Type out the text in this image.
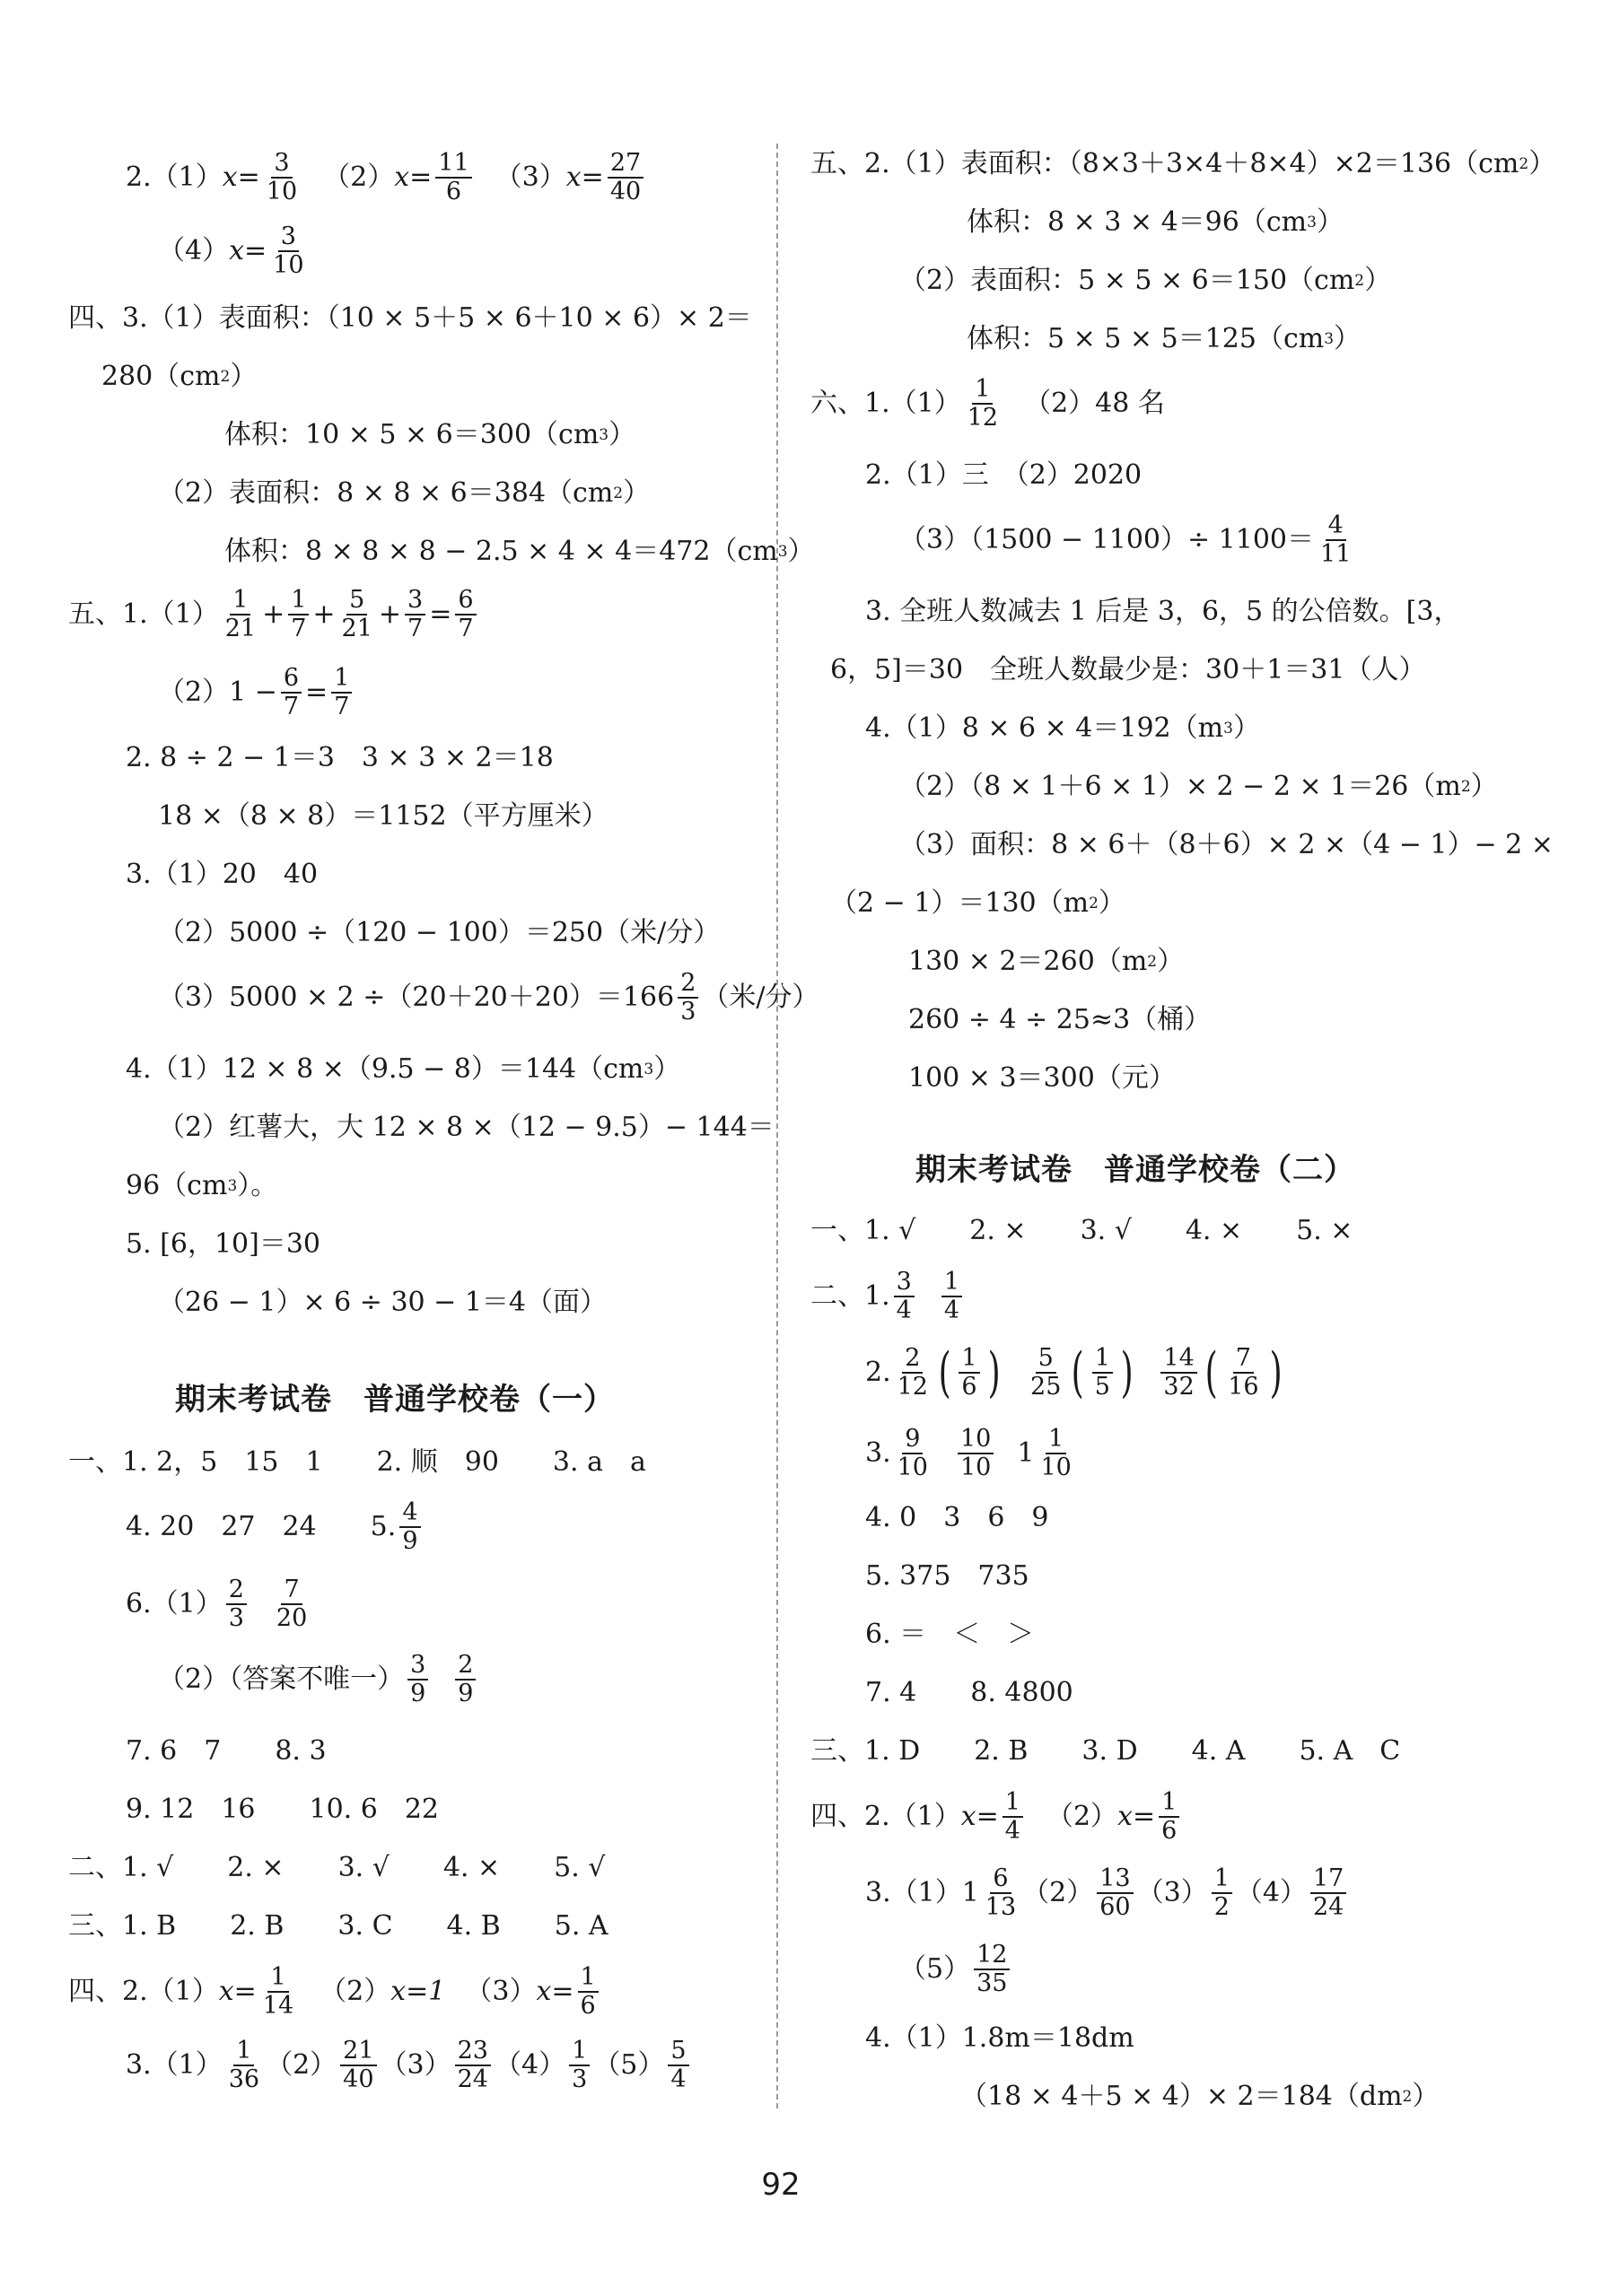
2.（1） $x= \frac{3}{10} (2)$ $x= \frac{11}{6} (3)$ $x= \frac{27}{40}$
（4） $x= \frac{3}{10}$
四、3.（1）表面积：（10 × 5＋5 × 6＋10 × 6）× 2＝
280（cm 2 ）
体积：10 × 5 × 6＝300（cm 3 ）
（2）表面积：8 × 8 × 6＝384（cm 2 ）
体积：8 × 8 × 8 − 2.5 × 4 × 4＝472（cm 3 ）
五、$1.(1) \frac{1}{21} + \frac{1}{7} + \frac{5}{21} + \frac{3}{7} = \frac{6}{7}$
$(2)1 - \frac{6}{7} = \frac{1}{7}$
2. 8 ÷ 2 − 1＝3　3 × 3 × 2＝18
18 ×（8 × 8）＝1152（平方厘米）
3.（1）20　40
（2）5000 ÷（120 − 100）＝250（米/分）
$(3)5000 \times 2 \div(20+20+20)=166 \frac{2}{3}$ （米/分）
4.（1）12 × 8 ×（9.5 − 8）＝144（cm 3 ）
（2）红薯大，大 12 × 8 ×（12 − 9.5）− 144＝
96（cm 3 ）。
5. [6，10]＝30
（26 − 1）× 6 ÷ 30 − 1＝4（面）
期末考试卷　普通学校卷（一）
一、1. 2，5　15　1　　2. 顺　90　　3. a　a
4. 20　27　24　　5. $\frac{4}{9}$
$6.(1) \frac{2}{3} \frac{7}{20}$
（2）（答案不唯一） $\frac{3}{9} \frac{2}{9}$
7. 6　7　　8. 3
9. 12　16　　10. 6　22
二、1. √　　2. ×　　3. √　　4. ×　　5. √
三、1. B　　2. B　　3. C　　4. B　　5. A
四、2.（1） $x= \frac{1}{14} (2)$ x=1 （3） $x= \frac{1}{6}$
$3.(1) \frac{1}{36} (2) \frac{21}{40} (3) \frac{23}{24} (4) \frac{1}{3} (5) \frac{5}{4}$
五、2.（1）表面积：（8×3＋3×4＋8×4）×2＝136（cm 2 ）
体积：8 × 3 × 4＝96（cm 3 ）
（2）表面积：5 × 5 × 6＝150（cm 2 ）
体积：5 × 5 × 5＝125（cm 3 ）
六、$1.(1) \frac{1}{12} (2)48$ 名
2.（1）三　（2）2020
$(3)(1500 - 1100)\div 1100= \frac{4}{11}$
3. 全班人数减去 1 后是 3，6，5 的公倍数。[3，
6，5]＝30　全班人数最少是：30＋1＝31（人）
4.（1）8 × 6 × 4＝192（m 3 ）
（2）（8 × 1＋6 × 1）× 2 − 2 × 1＝26（m 2 ）
（3）面积：8 × 6＋（8＋6）× 2 ×（4 − 1）− 2 ×
（2 − 1）＝130（m 2 ）
130 × 2＝260（m 2 ）
260 ÷ 4 ÷ 25≈3（桶）
100 × 3＝300（元）
期末考试卷　普通学校卷（二）
一、1. √　　2. ×　　3. √　　4. ×　　5. ×
二、1. $\frac{3}{4} \frac{1}{4}$
2. $\frac{2}{12}$ ( $\frac{1}{6}$ ) $\frac{5}{25}$ ( $\frac{1}{5}$ ) $\frac{14}{32}$ ( $\frac{7}{16}$ )
3. $\frac{9}{10} \frac{10}{10} 1 \frac{1}{10}$
4. 0　3　6　9
5. 375　735
6. ＝　＜　＞
7. 4　　8. 4800
三、1. D　　2. B　　3. D　　4. A　　5. A　C
四、2.（1） $x= \frac{1}{4} (2)$ $x= \frac{1}{6}$
$3.(1)1 \frac{6}{13} (2) \frac{13}{60} (3) \frac{1}{2} (4) \frac{17}{24}$
$(5) \frac{12}{35}$
4.（1）1.8m＝18dm
（18 × 4＋5 × 4）× 2＝184（dm 2 ）
92
